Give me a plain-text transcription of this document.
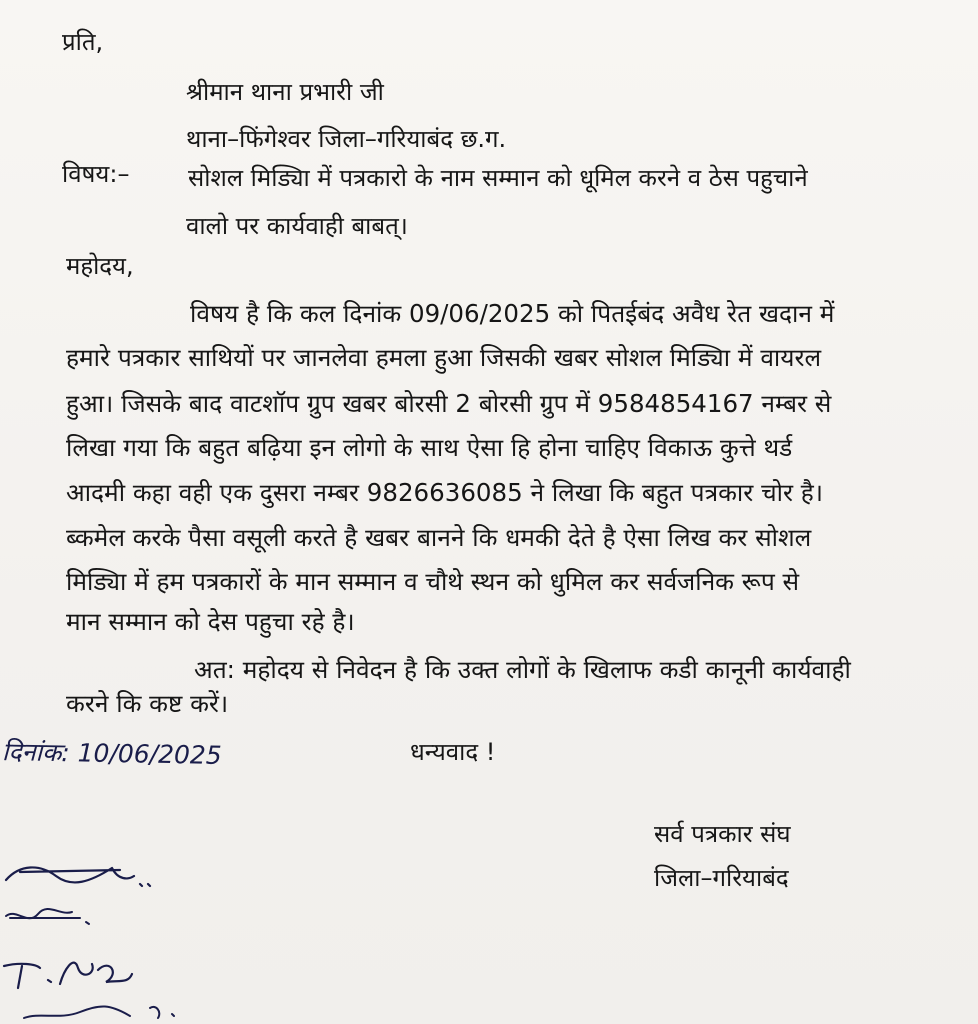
प्रति,
श्रीमान थाना प्रभारी जी
थाना–फिंगेश्वर जिला–गरियाबंद छ.ग.
विषय:– सोशल मिड्यिा में पत्रकारो के नाम सम्मान को धूमिल करने व ठेस पहुचाने
वालो पर कार्यवाही बाबत्।
महोदय,
विषय है कि कल दिनांक 09/06/2025 को पितईबंद अवैध रेत खदान में
हमारे पत्रकार साथियों पर जानलेवा हमला हुआ जिसकी खबर सोशल मिड्यिा में वायरल
हुआ। जिसके बाद वाटशॉप ग्रुप खबर बोरसी 2 बोरसी ग्रुप में 9584854167 नम्बर से
लिखा गया कि बहुत बढ़िया इन लोगो के साथ ऐसा हि होना चाहिए विकाऊ कुत्ते थर्ड
आदमी कहा वही एक दुसरा नम्बर 9826636085 ने लिखा कि बहुत पत्रकार चोर है।
ब्कमेल करके पैसा वसूली करते है खबर बानने कि धमकी देते है ऐसा लिख कर सोशल
मिड्यिा में हम पत्रकारों के मान सम्मान व चौथे स्थन को धुमिल कर सर्वजनिक रूप से
मान सम्मान को देस पहुचा रहे है।
अत: महोदय से निवेदन है कि उक्त लोगों के खिलाफ कडी कानूनी कार्यवाही
करने कि कष्ट करें।
दिनांक: 10/06/2025	धन्यवाद !
सर्व पत्रकार संघ
जिला–गरियाबंद
